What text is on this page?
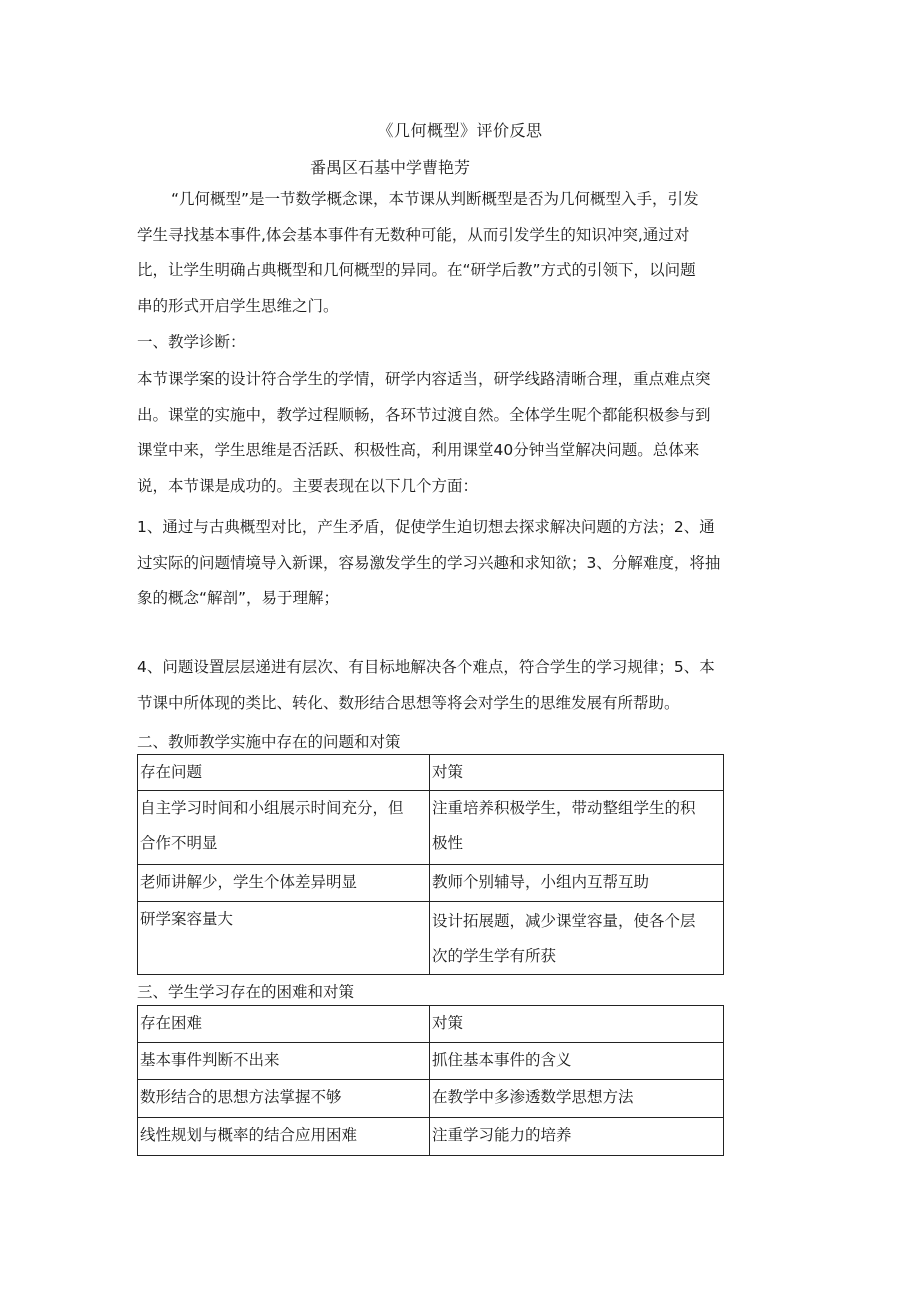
《几何概型》评价反思
番禺区石基中学曹艳芳
“几何概型”是一节数学概念课，本节课从判断概型是否为几何概型入手，引发
学生寻找基本事件,体会基本事件有无数种可能，从而引发学生的知识冲突,通过对
比，让学生明确占典概型和几何概型的异同。在“研学后教”方式的引领下，以问题
串的形式开启学生思维之门。
一、教学诊断：
本节课学案的设计符合学生的学情，研学内容适当，研学线路清晰合理，重点难点突
出。课堂的实施中，教学过程顺畅，各环节过渡自然。全体学生呢个都能积极参与到
课堂中来，学生思维是否活跃、积极性高，利用课堂40分钟当堂解决问题。总体来
说，本节课是成功的。主要表现在以下几个方面：
1、通过与古典概型对比，产生矛盾，促使学生迫切想去探求解决问题的方法；2、通
过实际的问题情境导入新课，容易激发学生的学习兴趣和求知欲；3、分解难度，将抽
象的概念“解剖”，易于理解；
4、问题设置层层递进有层次、有目标地解决各个难点，符合学生的学习规律；5、本
节课中所体现的类比、转化、数形结合思想等将会对学生的思维发展有所帮助。
二、教师教学实施中存在的问题和对策
存在问题	对策

自主学习时间和小组展示时间充分，但
合作不明显	注重培养积极学生，带动整组学生的积
极性

老师讲解少，学生个体差异明显	教师个别辅导，小组内互帮互助

研学案容量大	设计拓展题，减少课堂容量，使各个层
次的学生学有所获
三、学生学习存在的困难和对策
存在困难	对策

基本事件判断不出来	抓住基本事件的含义

数形结合的思想方法掌握不够	在教学中多渗透数学思想方法

线性规划与概率的结合应用困难	注重学习能力的培养
